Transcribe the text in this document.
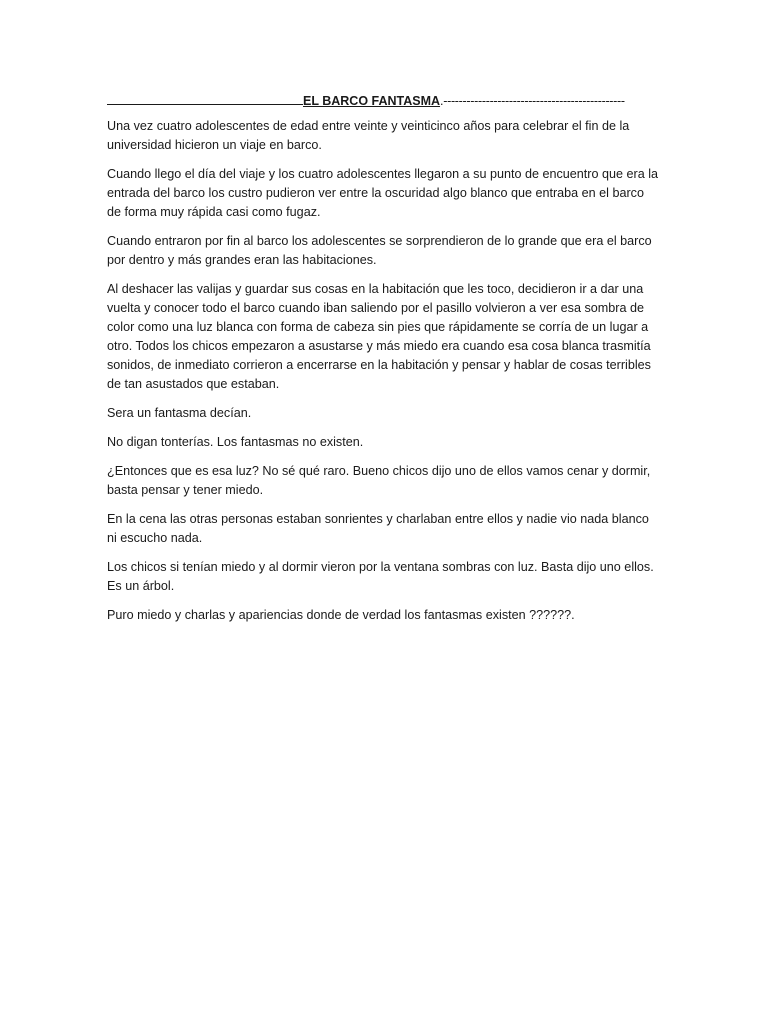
EL BARCO FANTASMA.-----------------------------------------------

Una vez cuatro adolescentes de edad entre veinte y veinticinco años para celebrar el fin de la universidad hicieron un viaje en barco.

Cuando llego el día del viaje y los cuatro adolescentes llegaron a su punto de encuentro que era la entrada del barco los custro pudieron ver entre la oscuridad algo blanco que entraba en el barco de forma muy rápida casi como fugaz.

Cuando entraron por fin al barco los adolescentes se sorprendieron de lo grande que era el barco por dentro y más grandes eran las habitaciones.

Al deshacer las valijas y guardar sus cosas en la habitación que les toco, decidieron ir a dar una vuelta y conocer todo el barco cuando iban saliendo por el pasillo volvieron a ver esa sombra de color como una luz blanca con forma de cabeza sin pies que rápidamente se corría de un lugar a otro. Todos los chicos empezaron a asustarse y más miedo era cuando esa cosa blanca trasmitía sonidos, de inmediato corrieron a encerrarse en la habitación y pensar y hablar de cosas terribles de tan asustados que estaban.

Sera un fantasma decían.

No digan tonterías. Los fantasmas no existen.

¿Entonces que es esa luz? No sé qué raro. Bueno chicos dijo uno de ellos vamos cenar y dormir, basta pensar y tener miedo.

En la cena las otras personas estaban sonrientes y charlaban entre ellos y nadie vio nada blanco ni escucho nada.

Los chicos si tenían miedo y al dormir vieron por la ventana sombras con luz. Basta dijo uno ellos. Es un árbol.

Puro miedo y charlas y apariencias donde de verdad los fantasmas existen ??????.
